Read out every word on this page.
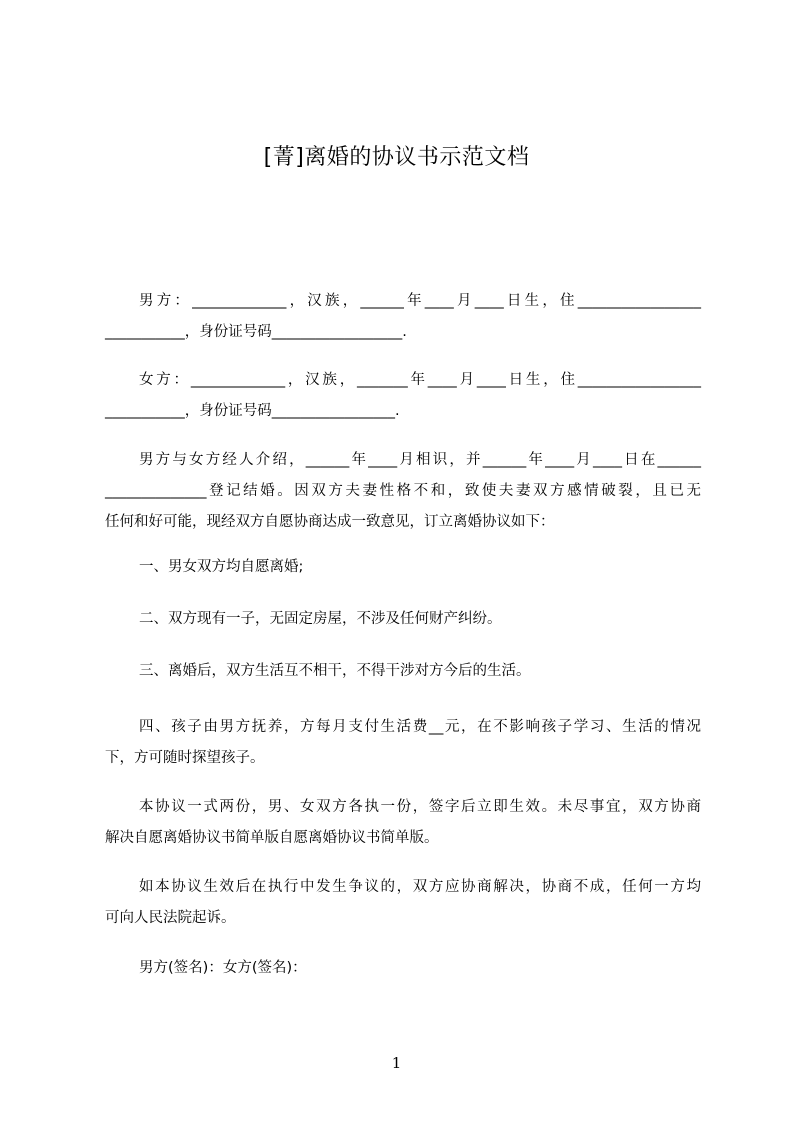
[菁]离婚的协议书示范文档
男方：_____________，汉族，______年____月____日生，住_________________
___________，身份证号码__________________.
女方：_____________，汉族，_______年____月____日生，住_________________
___________，身份证号码_________________.
男方与女方经人介绍，______年____月相识，并______年____月____日在______
______________登记结婚。因双方夫妻性格不和，致使夫妻双方感情破裂，且已无
任何和好可能，现经双方自愿协商达成一致意见，订立离婚协议如下：
一、男女双方均自愿离婚;
二、双方现有一子，无固定房屋，不涉及任何财产纠纷。
三、离婚后，双方生活互不相干，不得干涉对方今后的生活。
四、孩子由男方抚养，方每月支付生活费__元，在不影响孩子学习、生活的情况
下，方可随时探望孩子。
本协议一式两份，男、女双方各执一份，签字后立即生效。未尽事宜，双方协商
解决自愿离婚协议书简单版自愿离婚协议书简单版。
如本协议生效后在执行中发生争议的，双方应协商解决，协商不成，任何一方均
可向人民法院起诉。
男方(签名)：女方(签名)：
1
